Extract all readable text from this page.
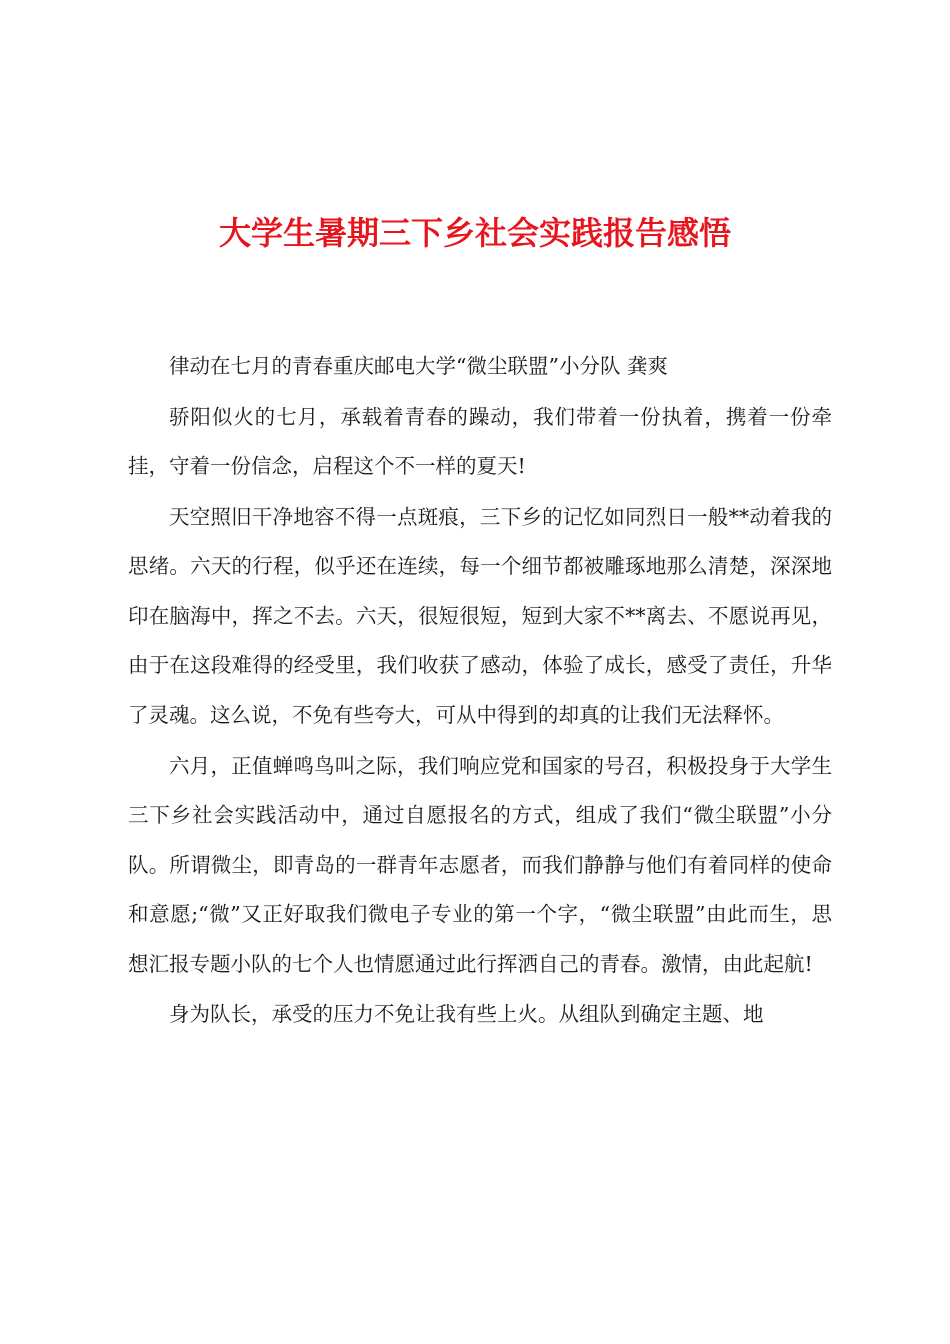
大学生暑期三下乡社会实践报告感悟

律动在七月的青春重庆邮电大学“微尘联盟”小分队 龚爽

骄阳似火的七月，承载着青春的躁动，我们带着一份执着，携着一份牵挂，守着一份信念，启程这个不一样的夏天!

天空照旧干净地容不得一点斑痕，三下乡的记忆如同烈日一般**动着我的思绪。六天的行程，似乎还在连续，每一个细节都被雕琢地那么清楚，深深地印在脑海中，挥之不去。六天，很短很短，短到大家不**离去、不愿说再见，由于在这段难得的经受里，我们收获了感动，体验了成长，感受了责任，升华了灵魂。这么说，不免有些夸大，可从中得到的却真的让我们无法释怀。

六月，正值蝉鸣鸟叫之际，我们响应党和国家的号召，积极投身于大学生三下乡社会实践活动中，通过自愿报名的方式，组成了我们“微尘联盟”小分队。所谓微尘，即青岛的一群青年志愿者，而我们静静与他们有着同样的使命和意愿;“微”又正好取我们微电子专业的第一个字，“微尘联盟”由此而生，思想汇报专题小队的七个人也情愿通过此行挥洒自己的青春。激情，由此起航!

身为队长，承受的压力不免让我有些上火。从组队到确定主题、地
